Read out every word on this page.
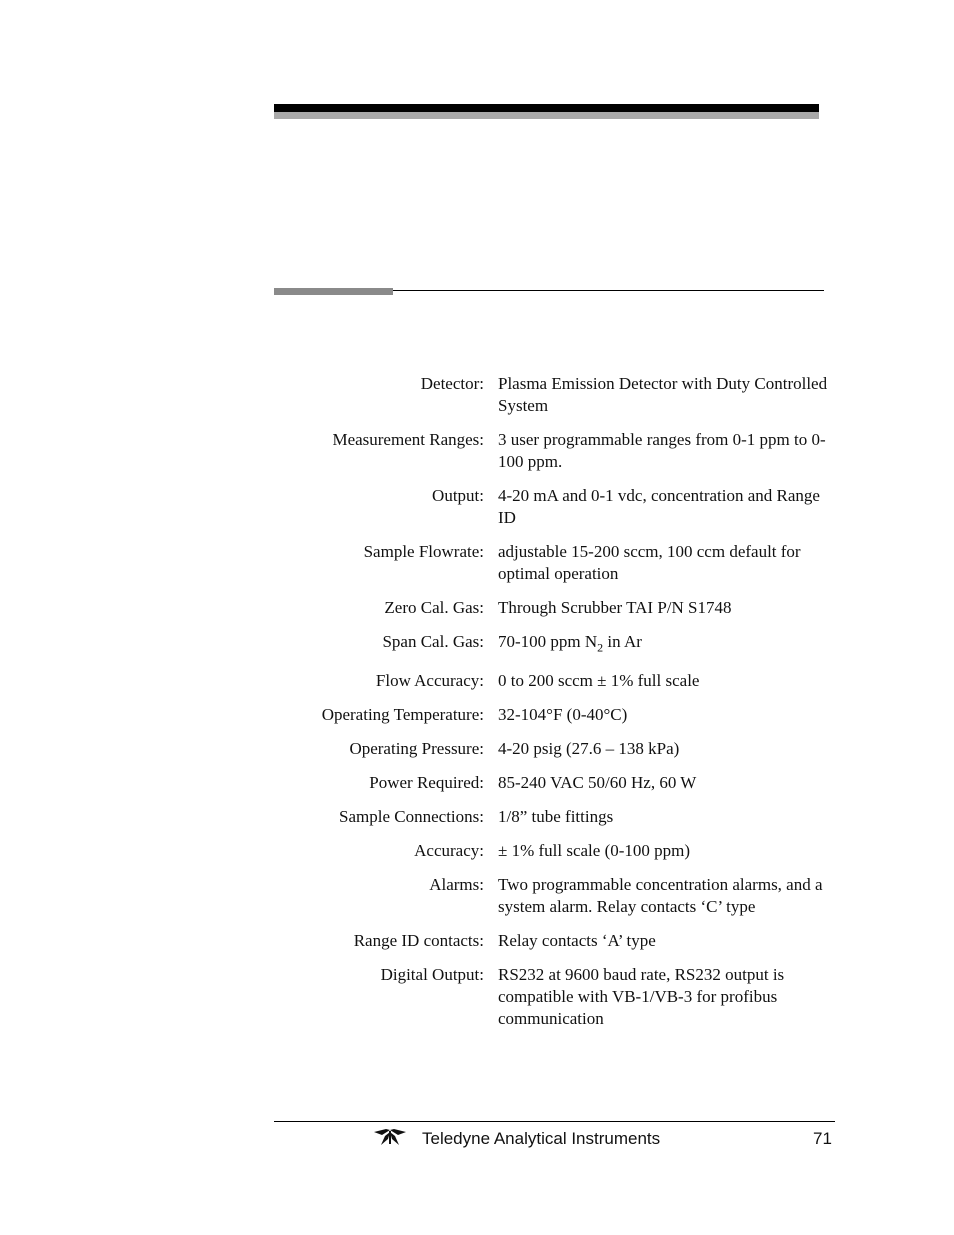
Detector: Plasma Emission Detector with Duty Controlled System
Measurement Ranges: 3 user programmable ranges from 0-1 ppm to 0-100 ppm.
Output: 4-20 mA and 0-1 vdc, concentration and Range ID
Sample Flowrate: adjustable 15-200 sccm, 100 ccm default for optimal operation
Zero Cal. Gas: Through Scrubber TAI P/N S1748
Span Cal. Gas: 70-100 ppm $N_2$ in Ar
Flow Accuracy: 0 to 200 sccm ± 1% full scale
Operating Temperature: 32-104°F (0-40°C)
Operating Pressure: 4-20 psig (27.6 – 138 kPa)
Power Required: 85-240 VAC 50/60 Hz, 60 W
Sample Connections: 1/8” tube fittings
Accuracy: ± 1% full scale (0-100 ppm)
Alarms: Two programmable concentration alarms, and a system alarm. Relay contacts ‘C’ type
Range ID contacts: Relay contacts ‘A’ type
Digital Output: RS232 at 9600 baud rate, RS232 output is compatible with VB-1/VB-3 for profibus communication
Teledyne Analytical Instruments	71
